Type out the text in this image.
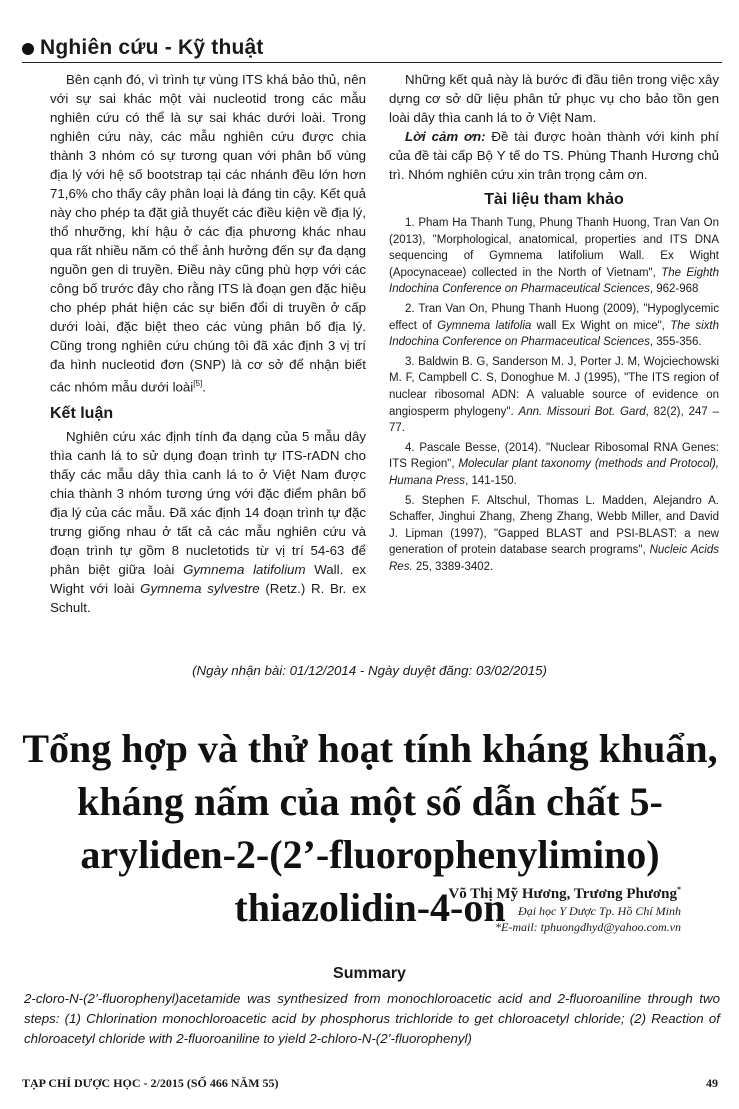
Nghiên cứu - Kỹ thuật

Bên cạnh đó, vì trình tự vùng ITS khá bảo thủ, nên với sự sai khác một vài nucleotid trong các mẫu nghiên cứu có thể là sự sai khác dưới loài. Trong nghiên cứu này, các mẫu nghiên cứu được chia thành 3 nhóm có sự tương quan với phân bố vùng địa lý với hệ số bootstrap tại các nhánh đều lớn hơn 71,6% cho thấy cây phân loại là đáng tin cậy. Kết quả này cho phép ta đặt giả thuyết các điều kiện về địa lý, thổ nhưỡng, khí hậu ở các địa phương khác nhau qua rất nhiều năm có thể ảnh hưởng đến sự đa dạng nguồn gen di truyền. Điều này cũng phù hợp với các công bố trước đây cho rằng ITS là đoạn gen đặc hiệu cho phép phát hiện các sự biến đổi di truyền ở cấp dưới loài, đặc biệt theo các vùng phân bố địa lý. Cũng trong nghiên cứu chúng tôi đã xác định 3 vị trí đa hình nucleotid đơn (SNP) là cơ sở để nhận biết các nhóm mẫu dưới loài[5].

Kết luận

Nghiên cứu xác định tính đa dạng của 5 mẫu dây thìa canh lá to sử dụng đoạn trình tự ITS-rADN cho thấy các mẫu dây thìa canh lá to ở Việt Nam được chia thành 3 nhóm tương ứng với đặc điểm phân bố địa lý của các mẫu. Đã xác định 14 đoạn trình tự đặc trưng giống nhau ở tất cả các mẫu nghiên cứu và đoạn trình tự gồm 8 nucletotids từ vị trí 54-63 để phân biệt giữa loài Gymnema latifolium Wall. ex Wight với loài Gymnema sylvestre (Retz.) R. Br. ex Schult.

Những kết quả này là bước đi đầu tiên trong việc xây dựng cơ sở dữ liệu phân tử phục vụ cho bảo tồn gen loài dây thìa canh lá to ở Việt Nam.

Lời cảm ơn: Đề tài được hoàn thành với kinh phí của đề tài cấp Bộ Y tế do TS. Phùng Thanh Hương chủ trì. Nhóm nghiên cứu xin trân trọng cảm ơn.

Tài liệu tham khảo

1. Pham Ha Thanh Tung, Phung Thanh Huong, Tran Van On (2013), "Morphological, anatomical, properties and ITS DNA sequencing of Gymnema latifolium Wall. Ex Wight (Apocynaceae) collected in the North of Vietnam", The Eighth Indochina Conference on Pharmaceutical Sciences, 962-968

2. Tran Van On, Phung Thanh Huong (2009), "Hypoglycemic effect of Gymnema latifolia wall Ex Wight on mice", The sixth Indochina Conference on Pharmaceutical Sciences, 355-356.

3. Baldwin B. G, Sanderson M. J, Porter J. M, Wojciechowski M. F, Campbell C. S, Donoghue M. J (1995), "The ITS region of nuclear ribosomal ADN: A valuable source of evidence on angiosperm phylogeny". Ann. Missouri Bot. Gard, 82(2), 247 –77.

4. Pascale Besse, (2014). "Nuclear Ribosomal RNA Genes: ITS Region", Molecular plant taxonomy (methods and Protocol), Humana Press, 141-150.

5. Stephen F. Altschul, Thomas L. Madden, Alejandro A. Schaffer, Jinghui Zhang, Zheng Zhang, Webb Miller, and David J. Lipman (1997), "Gapped BLAST and PSI-BLAST: a new generation of protein database search programs", Nucleic Acids Res. 25, 3389-3402.

(Ngày nhận bài: 01/12/2014 - Ngày duyệt đăng: 03/02/2015)
Tổng hợp và thử hoạt tính kháng khuẩn, kháng nấm của một số dẫn chất 5-aryliden-2-(2’-fluorophenylimino) thiazolidin-4-on
Võ Thị Mỹ Hương, Trương Phương*
Đại học Y Dược Tp. Hồ Chí Minh
*E-mail: tphuongdhyd@yahoo.com.vn
Summary
2-cloro-N-(2’-fluorophenyl)acetamide was synthesized from monochloroacetic acid and 2-fluoroaniline through two steps: (1) Chlorination monochloroacetic acid by phosphorus trichloride to get chloroacetyl chloride; (2) Reaction of chloroacetyl chloride with 2-fluoroaniline to yield 2-chloro-N-(2’-fluorophenyl)
TẠP CHÍ DƯỢC HỌC - 2/2015 (SỐ 466 NĂM 55)	49
